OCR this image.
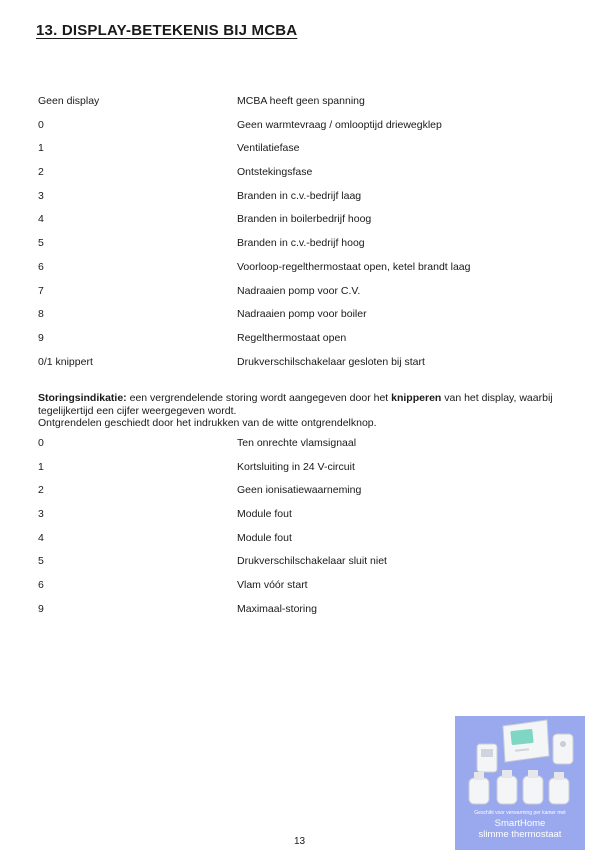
13. DISPLAY-BETEKENIS BIJ MCBA
Geen display	MCBA heeft geen spanning
0	Geen warmtevraag / omlooptijd driewegklep
1	Ventilatiefase
2	Ontstekingsfase
3	Branden in c.v.-bedrijf laag
4	Branden in boilerbedrijf hoog
5	Branden in c.v.-bedrijf hoog
6	Voorloop-regelthermostaat open, ketel brandt laag
7	Nadraaien pomp voor C.V.
8	Nadraaien pomp voor boiler
9	Regelthermostaat open
0/1 knippert	Drukverschilschakelaar gesloten bij start
Storingsindikatie: een vergrendelende storing wordt aangegeven door het knipperen van het display, waarbij tegelijkertijd een cijfer weergegeven wordt.
Ontgrendelen geschiedt door het indrukken van de witte ontgrendelknop.
0	Ten onrechte vlamsignaal
1	Kortsluiting in 24 V-circuit
2	Geen ionisatiewaarneming
3	Module fout
4	Module fout
5	Drukverschilschakelaar sluit niet
6	Vlam vóór start
9	Maximaal-storing
Geschikt voor verwarming per kamer met
SmartHome
slimme thermostaat
13
